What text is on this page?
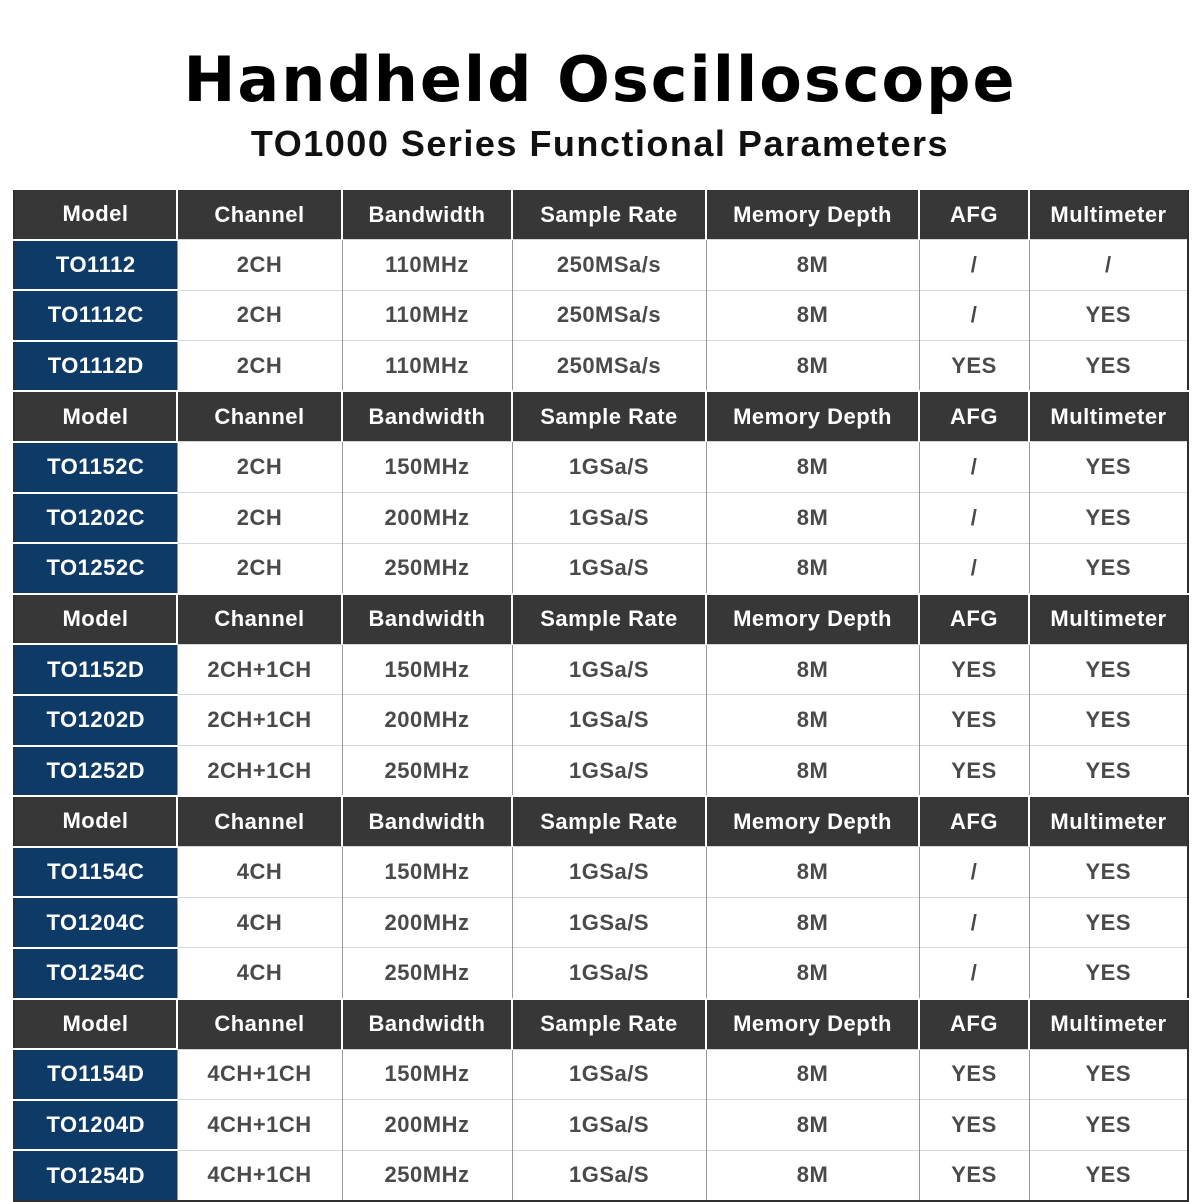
Handheld Oscilloscope
TO1000 Series Functional Parameters
Model	Channel	Bandwidth	Sample Rate	Memory Depth	AFG	Multimeter
TO1112	2CH	110MHz	250MSa/s	8M	/	/
TO1112C	2CH	110MHz	250MSa/s	8M	/	YES
TO1112D	2CH	110MHz	250MSa/s	8M	YES	YES
Model	Channel	Bandwidth	Sample Rate	Memory Depth	AFG	Multimeter
TO1152C	2CH	150MHz	1GSa/S	8M	/	YES
TO1202C	2CH	200MHz	1GSa/S	8M	/	YES
TO1252C	2CH	250MHz	1GSa/S	8M	/	YES
Model	Channel	Bandwidth	Sample Rate	Memory Depth	AFG	Multimeter
TO1152D	2CH+1CH	150MHz	1GSa/S	8M	YES	YES
TO1202D	2CH+1CH	200MHz	1GSa/S	8M	YES	YES
TO1252D	2CH+1CH	250MHz	1GSa/S	8M	YES	YES
Model	Channel	Bandwidth	Sample Rate	Memory Depth	AFG	Multimeter
TO1154C	4CH	150MHz	1GSa/S	8M	/	YES
TO1204C	4CH	200MHz	1GSa/S	8M	/	YES
TO1254C	4CH	250MHz	1GSa/S	8M	/	YES
Model	Channel	Bandwidth	Sample Rate	Memory Depth	AFG	Multimeter
TO1154D	4CH+1CH	150MHz	1GSa/S	8M	YES	YES
TO1204D	4CH+1CH	200MHz	1GSa/S	8M	YES	YES
TO1254D	4CH+1CH	250MHz	1GSa/S	8M	YES	YES
